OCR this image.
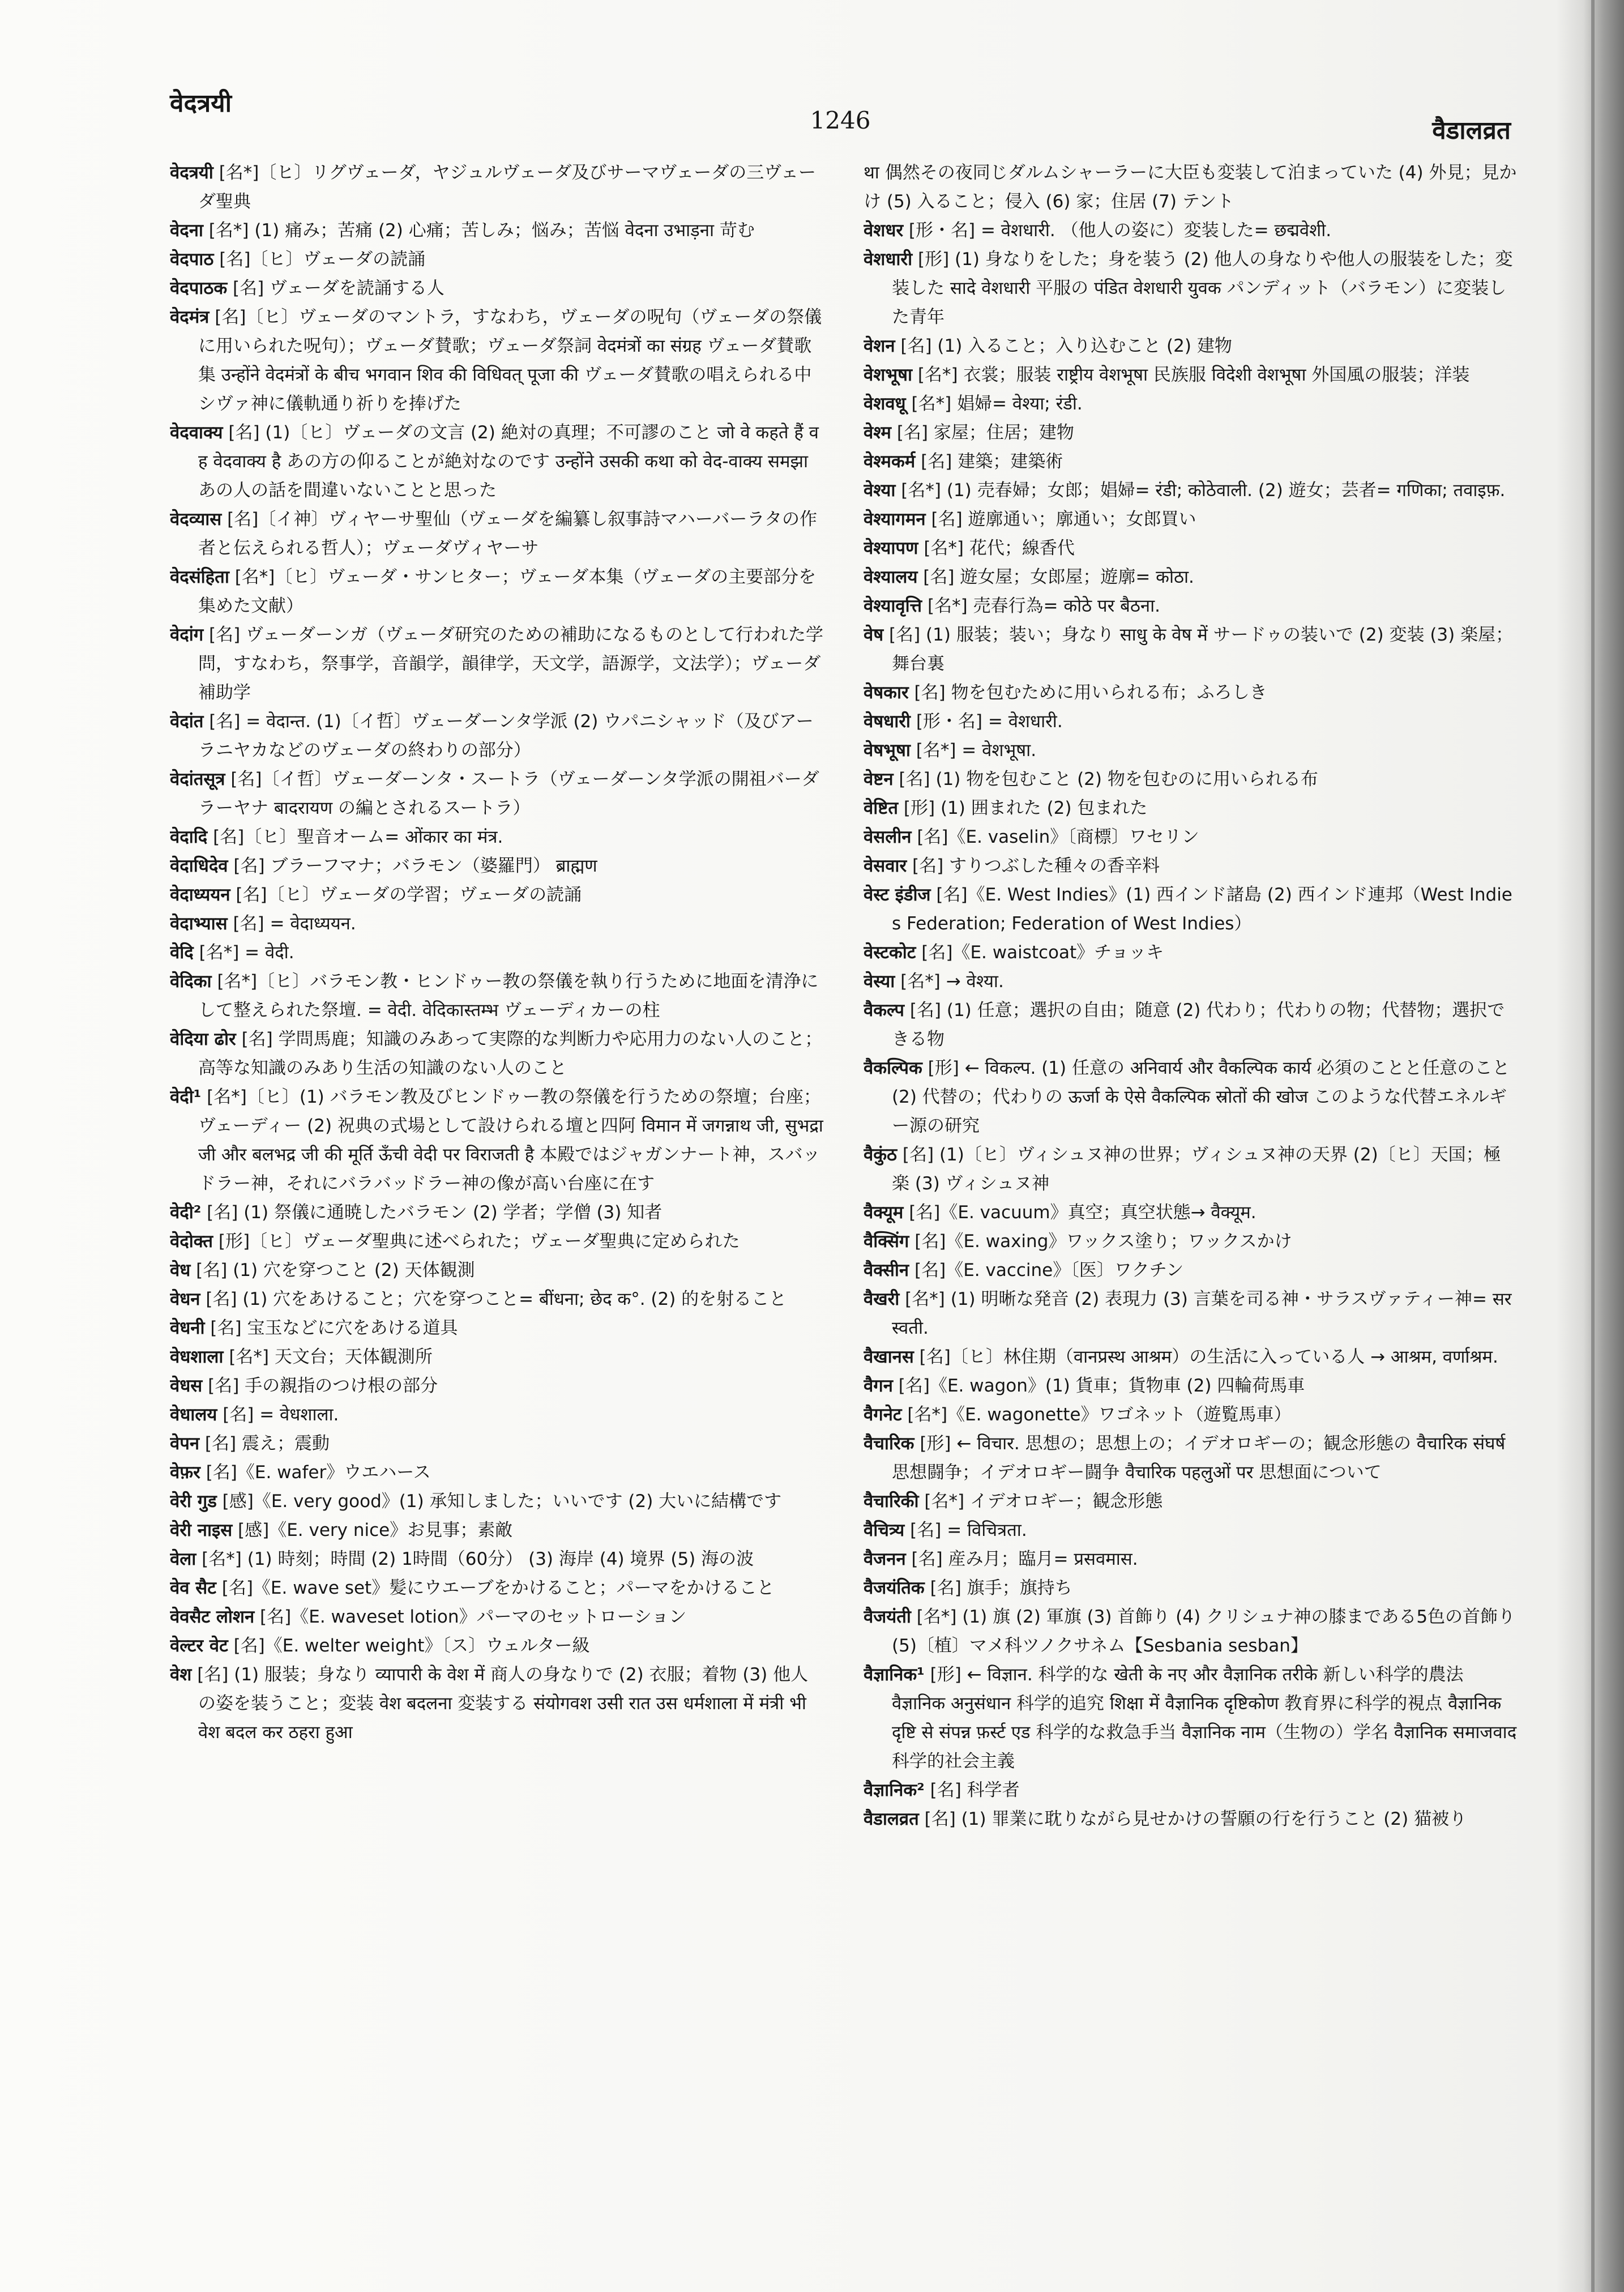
वेदत्रयी
1246	वैडालव्रत

वेदत्रयी [名*]〔ヒ〕リグヴェーダ，ヤジュルヴェーダ及びサーマヴェーダの三ヴェーダ聖典

वेदना [名*] (1) 痛み；苦痛 (2) 心痛；苦しみ；悩み；苦悩 वेदना उभाड़ना 苛む

वेदपाठ [名]〔ヒ〕ヴェーダの読誦

वेदपाठक [名] ヴェーダを読誦する人

वेदमंत्र [名]〔ヒ〕ヴェーダのマントラ，すなわち，ヴェーダの呪句（ヴェーダの祭儀に用いられた呪句）；ヴェーダ賛歌；ヴェーダ祭詞 वेदमंत्रों का संग्रह ヴェーダ賛歌集 उन्होंने वेदमंत्रों के बीच भगवान शिव की विधिवत् पूजा की ヴェーダ賛歌の唱えられる中シヴァ神に儀軌通り祈りを捧げた

वेदवाक्य [名] (1)〔ヒ〕ヴェーダの文言 (2) 絶対の真理；不可謬のこと जो वे कहते हैं वह वेदवाक्य है あの方の仰ることが絶対なのです उन्होंने उसकी कथा को वेद-वाक्य समझा あの人の話を間違いないことと思った

वेदव्यास [名]〔イ神〕ヴィヤーサ聖仙（ヴェーダを編纂し叙事詩マハーバーラタの作者と伝えられる哲人）；ヴェーダヴィヤーサ

वेदसंहिता [名*]〔ヒ〕ヴェーダ・サンヒター；ヴェーダ本集（ヴェーダの主要部分を集めた文献）

वेदांग [名] ヴェーダーンガ（ヴェーダ研究のための補助になるものとして行われた学問，すなわち，祭事学，音韻学，韻律学，天文学，語源学，文法学）；ヴェーダ補助学

वेदांत [名] = वेदान्त. (1)〔イ哲〕ヴェーダーンタ学派 (2) ウパニシャッド（及びアーラニヤカなどのヴェーダの終わりの部分）

वेदांतसूत्र [名]〔イ哲〕ヴェーダーンタ・スートラ（ヴェーダーンタ学派の開祖バーダラーヤナ बादरायण の編とされるスートラ）

वेदादि [名]〔ヒ〕聖音オーム= ओंकार का मंत्र.

वेदाधिदेव [名] ブラーフマナ；バラモン（婆羅門） ब्राह्मण

वेदाध्ययन [名]〔ヒ〕ヴェーダの学習；ヴェーダの読誦

वेदाभ्यास [名] = वेदाध्ययन.

वेदि [名*] = वेदी.

वेदिका [名*]〔ヒ〕バラモン教・ヒンドゥー教の祭儀を執り行うために地面を清浄にして整えられた祭壇. = वेदी. वेदिकास्तम्भ ヴェーディカーの柱

वेदिया ढोर [名] 学問馬鹿；知識のみあって実際的な判断力や応用力のない人のこと；高等な知識のみあり生活の知識のない人のこと

वेदी¹ [名*]〔ヒ〕(1) バラモン教及びヒンドゥー教の祭儀を行うための祭壇；台座；ヴェーディー (2) 祝典の式場として設けられる壇と四阿 विमान में जगन्नाथ जी, सुभद्रा जी और बलभद्र जी की मूर्ति ऊँची वेदी पर विराजती है 本殿ではジャガンナート神，スバッドラー神，それにバラバッドラー神の像が高い台座に在す

वेदी² [名] (1) 祭儀に通暁したバラモン (2) 学者；学僧 (3) 知者

वेदोक्त [形]〔ヒ〕ヴェーダ聖典に述べられた；ヴェーダ聖典に定められた

वेध [名] (1) 穴を穿つこと (2) 天体観測

वेधन [名] (1) 穴をあけること；穴を穿つこと= बींधना; छेद क°. (2) 的を射ること

वेधनी [名] 宝玉などに穴をあける道具

वेधशाला [名*] 天文台；天体観測所

वेधस [名] 手の親指のつけ根の部分

वेधालय [名] = वेधशाला.

वेपन [名] 震え；震動

वेफ़र [名]《E. wafer》ウエハース

वेरी गुड [感]《E. very good》(1) 承知しました；いいです (2) 大いに結構です

वेरी नाइस [感]《E. very nice》お見事；素敵

वेला [名*] (1) 時刻；時間 (2) 1時間（60分） (3) 海岸 (4) 境界 (5) 海の波

वेव सैट [名]《E. wave set》髪にウエーブをかけること；パーマをかけること

वेवसैट लोशन [名]《E. waveset lotion》パーマのセットローション

वेल्टर वेट [名]《E. welter weight》〔ス〕ウェルター級

वेश [名] (1) 服装；身なり व्यापारी के वेश में 商人の身なりで (2) 衣服；着物 (3) 他人の姿を装うこと；変装 वेश बदलना 変装する संयोगवश उसी रात उस धर्मशाला में मंत्री भी वेश बदल कर ठहरा हुआ

था 偶然その夜同じダルムシャーラーに大臣も変装して泊まっていた (4) 外見；見かけ (5) 入ること；侵入 (6) 家；住居 (7) テント

वेशधर [形・名] = वेशधारी. （他人の姿に）変装した= छद्मवेशी.

वेशधारी [形] (1) 身なりをした；身を装う (2) 他人の身なりや他人の服装をした；変装した सादे वेशधारी 平服の पंडित वेशधारी युवक パンディット（バラモン）に変装した青年

वेशन [名] (1) 入ること；入り込むこと (2) 建物

वेशभूषा [名*] 衣裳；服装 राष्ट्रीय वेशभूषा 民族服 विदेशी वेशभूषा 外国風の服装；洋装

वेशवधू [名*] 娼婦= वेश्या; रंडी.

वेश्म [名] 家屋；住居；建物

वेश्मकर्म [名] 建築；建築術

वेश्या [名*] (1) 売春婦；女郎；娼婦= रंडी; कोठेवाली. (2) 遊女；芸者= गणिका; तवाइफ़.

वेश्यागमन [名] 遊廓通い；廓通い；女郎買い

वेश्यापण [名*] 花代；線香代

वेश्यालय [名] 遊女屋；女郎屋；遊廓= कोठा.

वेश्यावृत्ति [名*] 売春行為= कोठे पर बैठना.

वेष [名] (1) 服装；装い；身なり साधु के वेष में サードゥの装いで (2) 変装 (3) 楽屋；舞台裏

वेषकार [名] 物を包むために用いられる布；ふろしき

वेषधारी [形・名] = वेशधारी.

वेषभूषा [名*] = वेशभूषा.

वेष्टन [名] (1) 物を包むこと (2) 物を包むのに用いられる布

वेष्टित [形] (1) 囲まれた (2) 包まれた

वेसलीन [名]《E. vaselin》〔商標〕ワセリン

वेसवार [名] すりつぶした種々の香辛料

वेस्ट इंडीज [名]《E. West Indies》(1) 西インド諸島 (2) 西インド連邦（West Indies Federation; Federation of West Indies）

वेस्टकोट [名]《E. waistcoat》チョッキ

वेस्या [名*] → वेश्या.

वैकल्प [名] (1) 任意；選択の自由；随意 (2) 代わり；代わりの物；代替物；選択できる物

वैकल्पिक [形] ← विकल्प. (1) 任意の अनिवार्य और वैकल्पिक कार्य 必須のことと任意のこと (2) 代替の；代わりの ऊर्जा के ऐसे वैकल्पिक स्रोतों की खोज このような代替エネルギー源の研究

वैकुंठ [名] (1)〔ヒ〕ヴィシュヌ神の世界；ヴィシュヌ神の天界 (2)〔ヒ〕天国；極楽 (3) ヴィシュヌ神

वैक्यूम [名]《E. vacuum》真空；真空状態→ वैक्यूम.

वैक्सिंग [名]《E. waxing》ワックス塗り；ワックスかけ

वैक्सीन [名]《E. vaccine》〔医〕ワクチン

वैखरी [名*] (1) 明晰な発音 (2) 表現力 (3) 言葉を司る神・サラスヴァティー神= सरस्वती.

वैखानस [名]〔ヒ〕林住期（वानप्रस्थ आश्रम）の生活に入っている人 → आश्रम, वर्णाश्रम.

वैगन [名]《E. wagon》(1) 貨車；貨物車 (2) 四輪荷馬車

वैगनेट [名*]《E. wagonette》ワゴネット（遊覧馬車）

वैचारिक [形] ← विचार. 思想の；思想上の；イデオロギーの；観念形態の वैचारिक संघर्ष 思想闘争；イデオロギー闘争 वैचारिक पहलुओं पर 思想面について

वैचारिकी [名*] イデオロギー；観念形態

वैचित्र्य [名] = विचित्रता.

वैजनन [名] 産み月；臨月= प्रसवमास.

वैजयंतिक [名] 旗手；旗持ち

वैजयंती [名*] (1) 旗 (2) 軍旗 (3) 首飾り (4) クリシュナ神の膝まである5色の首飾り (5)〔植〕マメ科ツノクサネム【Sesbania sesban】

वैज्ञानिक¹ [形] ← विज्ञान. 科学的な खेती के नए और वैज्ञानिक तरीके 新しい科学的農法 वैज्ञानिक अनुसंधान 科学的追究 शिक्षा में वैज्ञानिक दृष्टिकोण 教育界に科学的視点 वैज्ञानिक दृष्टि से संपन्न फ़र्स्ट एड 科学的な救急手当 वैज्ञानिक नाम（生物の）学名 वैज्ञानिक समाजवाद 科学的社会主義

वैज्ञानिक² [名] 科学者

वैडालव्रत [名] (1) 罪業に耽りながら見せかけの誓願の行を行うこと (2) 猫被り
